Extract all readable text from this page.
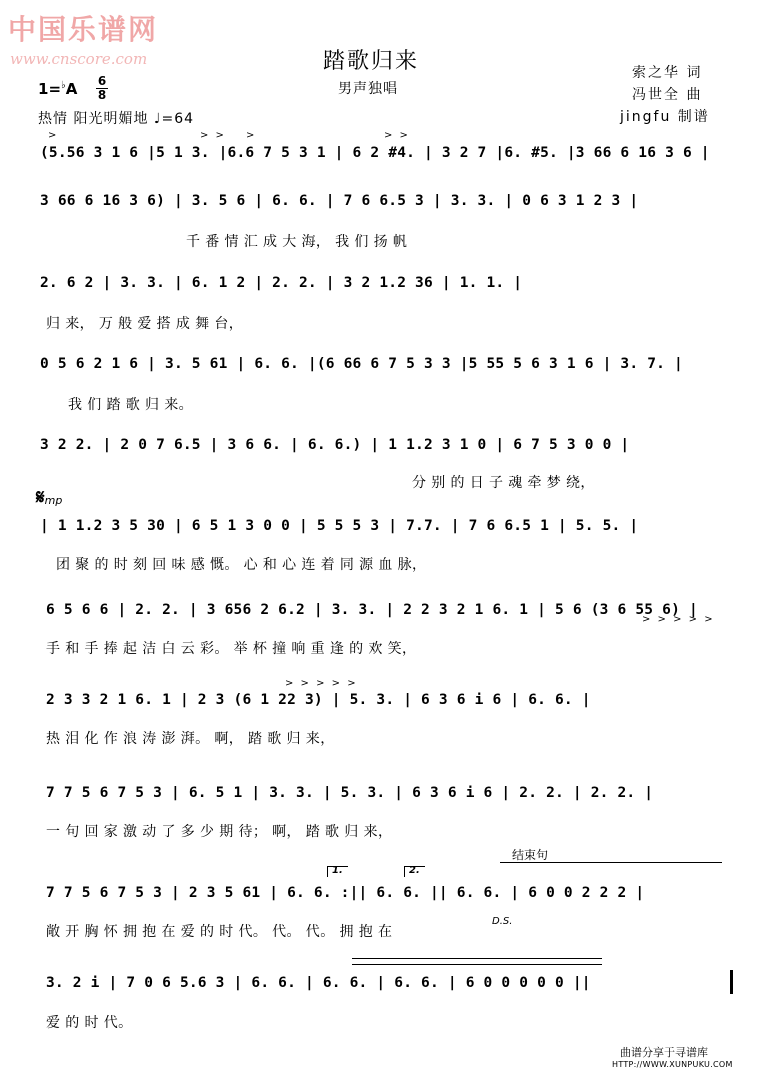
中国乐谱网
www.cnscore.com	踏歌归来
男声独唱
索之华 词
冯世全 曲
jingfu 制谱
1=♭A 6
8
热情 阳光明媚地 ♩=64
>	> > >	> >
> > > > >
> > > > >
(5.56 3 1 6 |5 1 3. |6.6 7 5 3 1 | 6 2 #4. | 3 2 7 |6. #5. |3 66 6 16 3 6 |
3 66 6 16 3 6) | 3. 5 6 | 6. 6. | 7 6 6.5 3 | 3. 3. | 0 6 3 1 2 3 |
千 番 情 汇 成 大 海， 我 们 扬 帆
2. 6 2 | 3. 3. | 6. 1 2 | 2. 2. | 3 2 1.2 36 | 1. 1. |
归 来， 万 般 爱 搭 成 舞 台，
0 5 6 2 1 6 | 3. 5 61 | 6. 6. |(6 66 6 7 5 3 3 |5 55 5 6 3 1 6 | 3. 7. |
我 们 踏 歌 归 来。
3 2 2. | 2 0 7 6.5 | 3 6 6. | 6. 6.) | 1 1.2 3 1 0 | 6 7 5 3 0 0 |
分 别 的 日 子 魂 牵 梦 绕，
𝄋mp
| 1 1.2 3 5 30 | 6 5 1 3 0 0 | 5 5 5 3 | 7.7. | 7 6 6.5 1 | 5. 5. |
团 聚 的 时 刻 回 味 感 慨。 心 和 心 连 着 同 源 血 脉，
6 5 6 6 | 2. 2. | 3 656 2 6.2 | 3. 3. | 2 2 3 2 1 6. 1 | 5 6 (3 6 55 6) |
手 和 手 捧 起 洁 白 云 彩。 举 杯 撞 响 重 逢 的 欢 笑，
2 3 3 2 1 6. 1 | 2 3 (6 1 22 3) | 5. 3. | 6 3 6 i 6 | 6. 6. |
热 泪 化 作 浪 涛 澎 湃。 啊， 踏 歌 归 来，
7 7 5 6 7 5 3 | 6. 5 1 | 3. 3. | 5. 3. | 6 3 6 i 6 | 2. 2. | 2. 2. |
一 句 回 家 激 动 了 多 少 期 待； 啊， 踏 歌 归 来，
结束句
1.	2.
7 7 5 6 7 5 3 | 2 3 5 61 | 6. 6. :|| 6. 6. || 6. 6. | 6 0 0 2 2 2 |
D.S.
敞 开 胸 怀 拥 抱 在 爱 的 时 代。 代。 代。 拥 抱 在
3. 2 i | 7 0 6 5.6 3 | 6. 6. | 6. 6. | 6. 6. | 6 0 0 0 0 0 ||
爱 的 时 代。
曲谱分享于寻谱库
HTTP://WWW.XUNPUKU.COM
